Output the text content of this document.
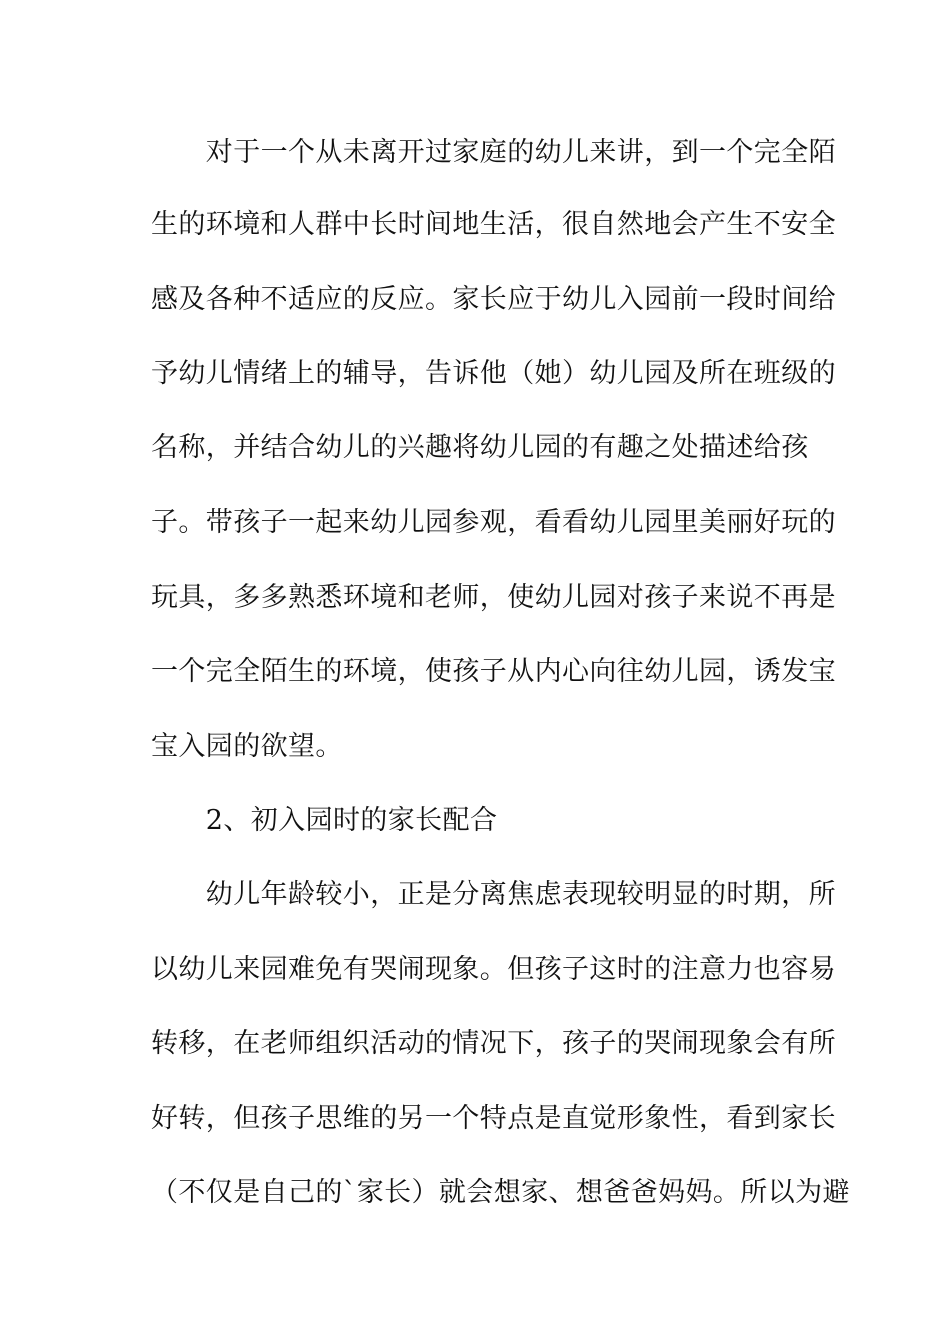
　　对于一个从未离开过家庭的幼儿来讲，到一个完全陌
生的环境和人群中长时间地生活，很自然地会产生不安全
感及各种不适应的反应。家长应于幼儿入园前一段时间给
予幼儿情绪上的辅导，告诉他（她）幼儿园及所在班级的
名称，并结合幼儿的兴趣将幼儿园的有趣之处描述给孩
子。带孩子一起来幼儿园参观，看看幼儿园里美丽好玩的
玩具，多多熟悉环境和老师，使幼儿园对孩子来说不再是
一个完全陌生的环境，使孩子从内心向往幼儿园，诱发宝
宝入园的欲望。
　　2、初入园时的家长配合
　　幼儿年龄较小，正是分离焦虑表现较明显的时期，所
以幼儿来园难免有哭闹现象。但孩子这时的注意力也容易
转移，在老师组织活动的情况下，孩子的哭闹现象会有所
好转，但孩子思维的另一个特点是直觉形象性，看到家长
（不仅是自己的`家长）就会想家、想爸爸妈妈。所以为避
